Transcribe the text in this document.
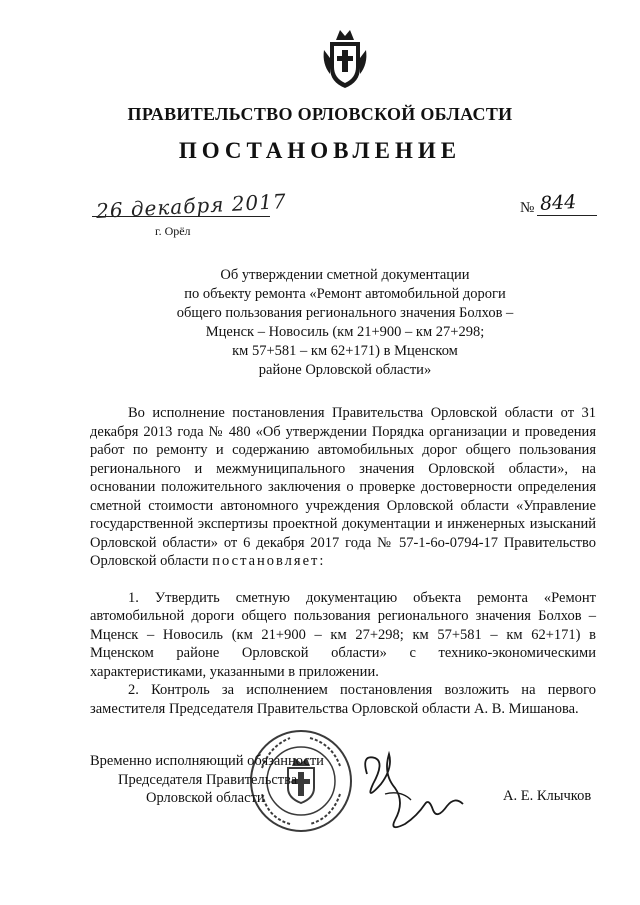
ПРАВИТЕЛЬСТВО ОРЛОВСКОЙ ОБЛАСТИ
ПОСТАНОВЛЕНИЕ
26 декабря 2017
г. Орёл
№ 844
Об утверждении сметной документации
по объекту ремонта «Ремонт автомобильной дороги
общего пользования регионального значения Болхов –
Мценск – Новосиль (км 21+900 – км 27+298;
км 57+581 – км 62+171) в Мценском
районе Орловской области»

Во исполнение постановления Правительства Орловской области от 31 декабря 2013 года № 480 «Об утверждении Порядка организации и проведения работ по ремонту и содержанию автомобильных дорог общего пользования регионального и межмуниципального значения Орловской области», на основании положительного заключения о проверке достоверности определения сметной стоимости автономного учреждения Орловской области «Управление государственной экспертизы проектной документации и инженерных изысканий Орловской области» от 6 декабря 2017 года № 57-1-6о-0794-17 Правительство Орловской области постановляет:

1. Утвердить сметную документацию объекта ремонта «Ремонт автомобильной дороги общего пользования регионального значения Болхов – Мценск – Новосиль (км 21+900 – км 27+298; км 57+581 – км 62+171) в Мценском районе Орловской области» с технико-экономическими характеристиками, указанными в приложении.

2. Контроль за исполнением постановления возложить на первого заместителя Председателя Правительства Орловской области А. В. Мишанова.

Временно исполняющий обязанности
Председателя Правительства
Орловской области	А. Е. Клычков
